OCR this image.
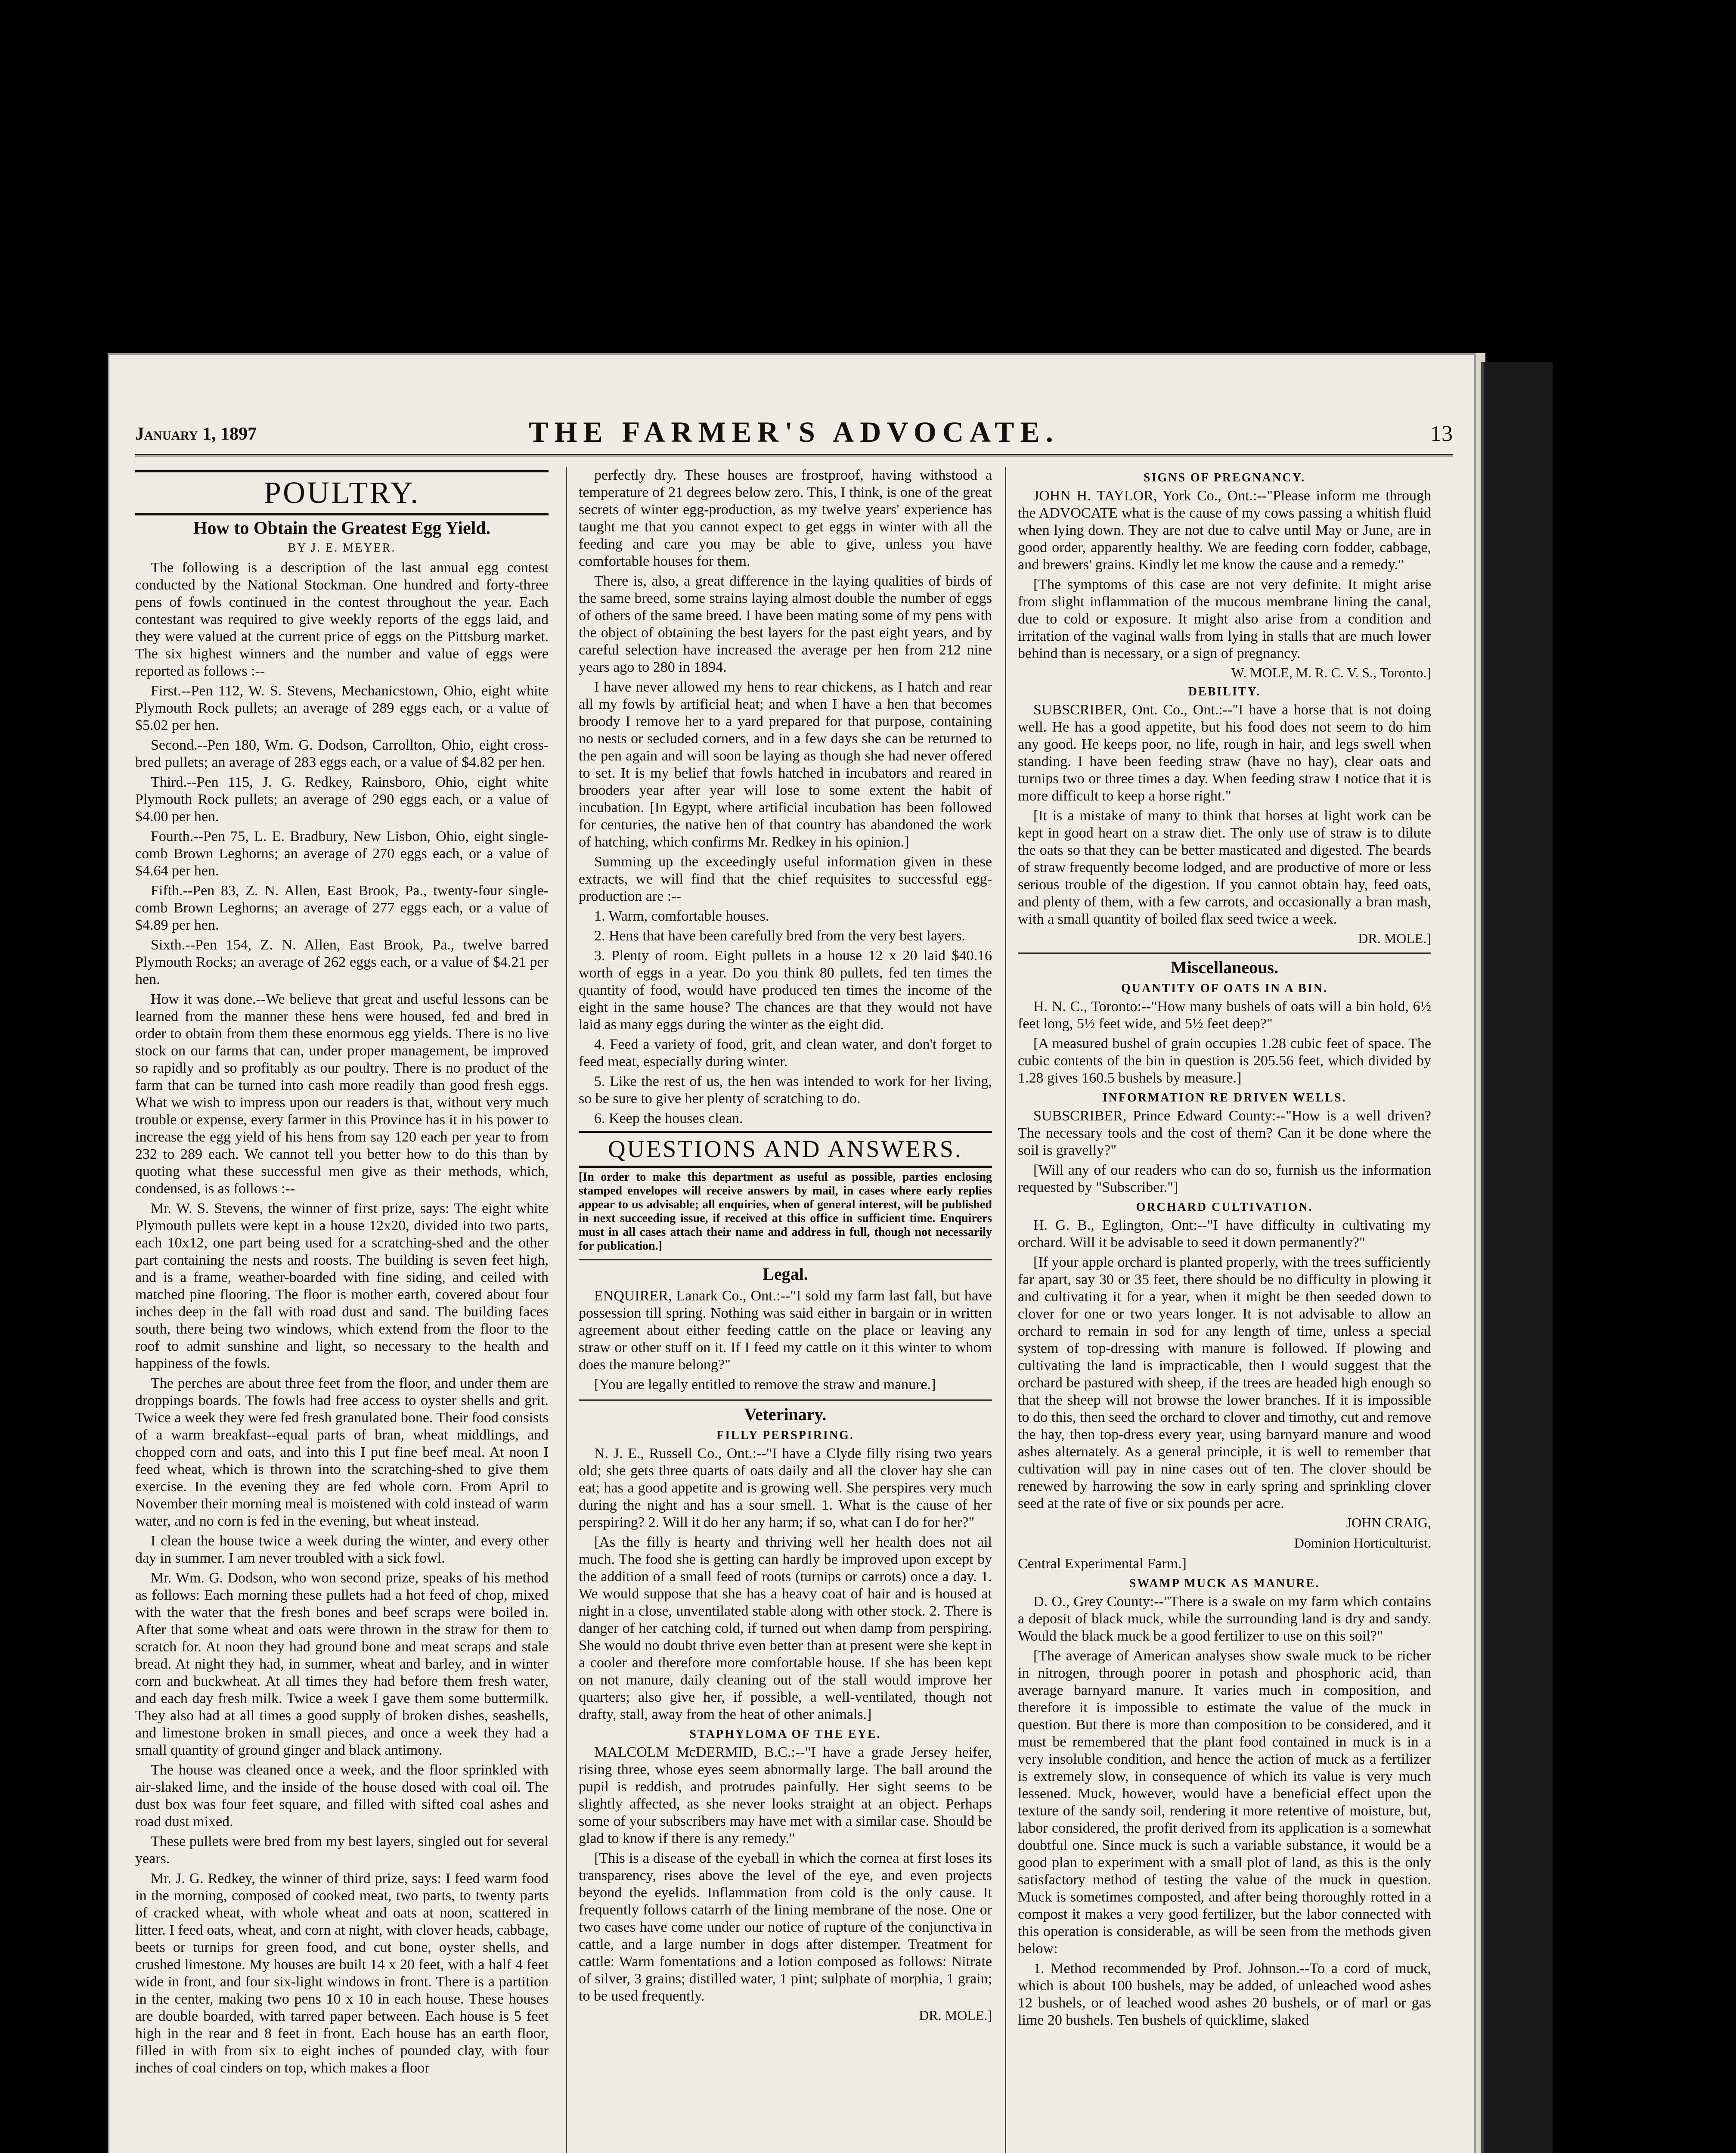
January 1, 1897	THE FARMER'S ADVOCATE.	13
POULTRY.
How to Obtain the Greatest Egg Yield.
BY J. E. MEYER.

The following is a description of the last annual egg contest conducted by the National Stockman. One hundred and forty-three pens of fowls continued in the contest throughout the year. Each contestant was required to give weekly reports of the eggs laid, and they were valued at the current price of eggs on the Pittsburg market. The six highest winners and the number and value of eggs were reported as follows :--

First.--Pen 112, W. S. Stevens, Mechanicstown, Ohio, eight white Plymouth Rock pullets; an average of 289 eggs each, or a value of $5.02 per hen.

Second.--Pen 180, Wm. G. Dodson, Carrollton, Ohio, eight cross-bred pullets; an average of 283 eggs each, or a value of $4.82 per hen.

Third.--Pen 115, J. G. Redkey, Rainsboro, Ohio, eight white Plymouth Rock pullets; an average of 290 eggs each, or a value of $4.00 per hen.

Fourth.--Pen 75, L. E. Bradbury, New Lisbon, Ohio, eight single-comb Brown Leghorns; an average of 270 eggs each, or a value of $4.64 per hen.

Fifth.--Pen 83, Z. N. Allen, East Brook, Pa., twenty-four single-comb Brown Leghorns; an average of 277 eggs each, or a value of $4.89 per hen.

Sixth.--Pen 154, Z. N. Allen, East Brook, Pa., twelve barred Plymouth Rocks; an average of 262 eggs each, or a value of $4.21 per hen.

How it was done.--We believe that great and useful lessons can be learned from the manner these hens were housed, fed and bred in order to obtain from them these enormous egg yields. There is no live stock on our farms that can, under proper management, be improved so rapidly and so profitably as our poultry. There is no product of the farm that can be turned into cash more readily than good fresh eggs. What we wish to impress upon our readers is that, without very much trouble or expense, every farmer in this Province has it in his power to increase the egg yield of his hens from say 120 each per year to from 232 to 289 each. We cannot tell you better how to do this than by quoting what these successful men give as their methods, which, condensed, is as follows :--

Mr. W. S. Stevens, the winner of first prize, says: The eight white Plymouth pullets were kept in a house 12x20, divided into two parts, each 10x12, one part being used for a scratching-shed and the other part containing the nests and roosts. The building is seven feet high, and is a frame, weather-boarded with fine siding, and ceiled with matched pine flooring. The floor is mother earth, covered about four inches deep in the fall with road dust and sand. The building faces south, there being two windows, which extend from the floor to the roof to admit sunshine and light, so necessary to the health and happiness of the fowls.

The perches are about three feet from the floor, and under them are droppings boards. The fowls had free access to oyster shells and grit. Twice a week they were fed fresh granulated bone. Their food consists of a warm breakfast--equal parts of bran, wheat middlings, and chopped corn and oats, and into this I put fine beef meal. At noon I feed wheat, which is thrown into the scratching-shed to give them exercise. In the evening they are fed whole corn. From April to November their morning meal is moistened with cold instead of warm water, and no corn is fed in the evening, but wheat instead.

I clean the house twice a week during the winter, and every other day in summer. I am never troubled with a sick fowl.

Mr. Wm. G. Dodson, who won second prize, speaks of his method as follows: Each morning these pullets had a hot feed of chop, mixed with the water that the fresh bones and beef scraps were boiled in. After that some wheat and oats were thrown in the straw for them to scratch for. At noon they had ground bone and meat scraps and stale bread. At night they had, in summer, wheat and barley, and in winter corn and buckwheat. At all times they had before them fresh water, and each day fresh milk. Twice a week I gave them some buttermilk. They also had at all times a good supply of broken dishes, seashells, and limestone broken in small pieces, and once a week they had a small quantity of ground ginger and black antimony.

The house was cleaned once a week, and the floor sprinkled with air-slaked lime, and the inside of the house dosed with coal oil. The dust box was four feet square, and filled with sifted coal ashes and road dust mixed.

These pullets were bred from my best layers, singled out for several years.

Mr. J. G. Redkey, the winner of third prize, says: I feed warm food in the morning, composed of cooked meat, two parts, to twenty parts of cracked wheat, with whole wheat and oats at noon, scattered in litter. I feed oats, wheat, and corn at night, with clover heads, cabbage, beets or turnips for green food, and cut bone, oyster shells, and crushed limestone. My houses are built 14 x 20 feet, with a half 4 feet wide in front, and four six-light windows in front. There is a partition in the center, making two pens 10 x 10 in each house. These houses are double boarded, with tarred paper between. Each house is 5 feet high in the rear and 8 feet in front. Each house has an earth floor, filled in with from six to eight inches of pounded clay, with four inches of coal cinders on top, which makes a floor

perfectly dry. These houses are frostproof, having withstood a temperature of 21 degrees below zero. This, I think, is one of the great secrets of winter egg-production, as my twelve years' experience has taught me that you cannot expect to get eggs in winter with all the feeding and care you may be able to give, unless you have comfortable houses for them.

There is, also, a great difference in the laying qualities of birds of the same breed, some strains laying almost double the number of eggs of others of the same breed. I have been mating some of my pens with the object of obtaining the best layers for the past eight years, and by careful selection have increased the average per hen from 212 nine years ago to 280 in 1894.

I have never allowed my hens to rear chickens, as I hatch and rear all my fowls by artificial heat; and when I have a hen that becomes broody I remove her to a yard prepared for that purpose, containing no nests or secluded corners, and in a few days she can be returned to the pen again and will soon be laying as though she had never offered to set. It is my belief that fowls hatched in incubators and reared in brooders year after year will lose to some extent the habit of incubation. [In Egypt, where artificial incubation has been followed for centuries, the native hen of that country has abandoned the work of hatching, which confirms Mr. Redkey in his opinion.]

Summing up the exceedingly useful information given in these extracts, we will find that the chief requisites to successful egg-production are :--

1. Warm, comfortable houses.

2. Hens that have been carefully bred from the very best layers.

3. Plenty of room. Eight pullets in a house 12 x 20 laid $40.16 worth of eggs in a year. Do you think 80 pullets, fed ten times the quantity of food, would have produced ten times the income of the eight in the same house? The chances are that they would not have laid as many eggs during the winter as the eight did.

4. Feed a variety of food, grit, and clean water, and don't forget to feed meat, especially during winter.

5. Like the rest of us, the hen was intended to work for her living, so be sure to give her plenty of scratching to do.

6. Keep the houses clean.

QUESTIONS AND ANSWERS.

[In order to make this department as useful as possible, parties enclosing stamped envelopes will receive answers by mail, in cases where early replies appear to us advisable; all enquiries, when of general interest, will be published in next succeeding issue, if received at this office in sufficient time. Enquirers must in all cases attach their name and address in full, though not necessarily for publication.]

Legal.

ENQUIRER, Lanark Co., Ont.:--"I sold my farm last fall, but have possession till spring. Nothing was said either in bargain or in written agreement about either feeding cattle on the place or leaving any straw or other stuff on it. If I feed my cattle on it this winter to whom does the manure belong?"

[You are legally entitled to remove the straw and manure.]

Veterinary.
FILLY PERSPIRING.

N. J. E., Russell Co., Ont.:--"I have a Clyde filly rising two years old; she gets three quarts of oats daily and all the clover hay she can eat; has a good appetite and is growing well. She perspires very much during the night and has a sour smell. 1. What is the cause of her perspiring? 2. Will it do her any harm; if so, what can I do for her?"

[As the filly is hearty and thriving well her health does not ail much. The food she is getting can hardly be improved upon except by the addition of a small feed of roots (turnips or carrots) once a day. 1. We would suppose that she has a heavy coat of hair and is housed at night in a close, unventilated stable along with other stock. 2. There is danger of her catching cold, if turned out when damp from perspiring. She would no doubt thrive even better than at present were she kept in a cooler and therefore more comfortable house. If she has been kept on not manure, daily cleaning out of the stall would improve her quarters; also give her, if possible, a well-ventilated, though not drafty, stall, away from the heat of other animals.]

STAPHYLOMA OF THE EYE.

MALCOLM McDERMID, B.C.:--"I have a grade Jersey heifer, rising three, whose eyes seem abnormally large. The ball around the pupil is reddish, and protrudes painfully. Her sight seems to be slightly affected, as she never looks straight at an object. Perhaps some of your subscribers may have met with a similar case. Should be glad to know if there is any remedy."

[This is a disease of the eyeball in which the cornea at first loses its transparency, rises above the level of the eye, and even projects beyond the eyelids. Inflammation from cold is the only cause. It frequently follows catarrh of the lining membrane of the nose. One or two cases have come under our notice of rupture of the conjunctiva in cattle, and a large number in dogs after distemper. Treatment for cattle: Warm fomentations and a lotion composed as follows: Nitrate of silver, 3 grains; distilled water, 1 pint; sulphate of morphia, 1 grain; to be used frequently.

DR. MOLE.]
SIGNS OF PREGNANCY.

JOHN H. TAYLOR, York Co., Ont.:--"Please inform me through the ADVOCATE what is the cause of my cows passing a whitish fluid when lying down. They are not due to calve until May or June, are in good order, apparently healthy. We are feeding corn fodder, cabbage, and brewers' grains. Kindly let me know the cause and a remedy."

[The symptoms of this case are not very definite. It might arise from slight inflammation of the mucous membrane lining the canal, due to cold or exposure. It might also arise from a condition and irritation of the vaginal walls from lying in stalls that are much lower behind than is necessary, or a sign of pregnancy.

W. MOLE, M. R. C. V. S., Toronto.]
DEBILITY.

SUBSCRIBER, Ont. Co., Ont.:--"I have a horse that is not doing well. He has a good appetite, but his food does not seem to do him any good. He keeps poor, no life, rough in hair, and legs swell when standing. I have been feeding straw (have no hay), clear oats and turnips two or three times a day. When feeding straw I notice that it is more difficult to keep a horse right."

[It is a mistake of many to think that horses at light work can be kept in good heart on a straw diet. The only use of straw is to dilute the oats so that they can be better masticated and digested. The beards of straw frequently become lodged, and are productive of more or less serious trouble of the digestion. If you cannot obtain hay, feed oats, and plenty of them, with a few carrots, and occasionally a bran mash, with a small quantity of boiled flax seed twice a week.

DR. MOLE.]
Miscellaneous.
QUANTITY OF OATS IN A BIN.

H. N. C., Toronto:--"How many bushels of oats will a bin hold, 6½ feet long, 5½ feet wide, and 5½ feet deep?"

[A measured bushel of grain occupies 1.28 cubic feet of space. The cubic contents of the bin in question is 205.56 feet, which divided by 1.28 gives 160.5 bushels by measure.]

INFORMATION RE DRIVEN WELLS.

SUBSCRIBER, Prince Edward County:--"How is a well driven? The necessary tools and the cost of them? Can it be done where the soil is gravelly?"

[Will any of our readers who can do so, furnish us the information requested by "Subscriber."]

ORCHARD CULTIVATION.

H. G. B., Eglington, Ont:--"I have difficulty in cultivating my orchard. Will it be advisable to seed it down permanently?"

[If your apple orchard is planted properly, with the trees sufficiently far apart, say 30 or 35 feet, there should be no difficulty in plowing it and cultivating it for a year, when it might be then seeded down to clover for one or two years longer. It is not advisable to allow an orchard to remain in sod for any length of time, unless a special system of top-dressing with manure is followed. If plowing and cultivating the land is impracticable, then I would suggest that the orchard be pastured with sheep, if the trees are headed high enough so that the sheep will not browse the lower branches. If it is impossible to do this, then seed the orchard to clover and timothy, cut and remove the hay, then top-dress every year, using barnyard manure and wood ashes alternately. As a general principle, it is well to remember that cultivation will pay in nine cases out of ten. The clover should be renewed by harrowing the sow in early spring and sprinkling clover seed at the rate of five or six pounds per acre.

JOHN CRAIG,
Dominion Horticulturist.

Central Experimental Farm.]

SWAMP MUCK AS MANURE.

D. O., Grey County:--"There is a swale on my farm which contains a deposit of black muck, while the surrounding land is dry and sandy. Would the black muck be a good fertilizer to use on this soil?"

[The average of American analyses show swale muck to be richer in nitrogen, through poorer in potash and phosphoric acid, than average barnyard manure. It varies much in composition, and therefore it is impossible to estimate the value of the muck in question. But there is more than composition to be considered, and it must be remembered that the plant food contained in muck is in a very insoluble condition, and hence the action of muck as a fertilizer is extremely slow, in consequence of which its value is very much lessened. Muck, however, would have a beneficial effect upon the texture of the sandy soil, rendering it more retentive of moisture, but, labor considered, the profit derived from its application is a somewhat doubtful one. Since muck is such a variable substance, it would be a good plan to experiment with a small plot of land, as this is the only satisfactory method of testing the value of the muck in question. Muck is sometimes composted, and after being thoroughly rotted in a compost it makes a very good fertilizer, but the labor connected with this operation is considerable, as will be seen from the methods given below:

1. Method recommended by Prof. Johnson.--To a cord of muck, which is about 100 bushels, may be added, of unleached wood ashes 12 bushels, or of leached wood ashes 20 bushels, or of marl or gas lime 20 bushels. Ten bushels of quicklime, slaked
